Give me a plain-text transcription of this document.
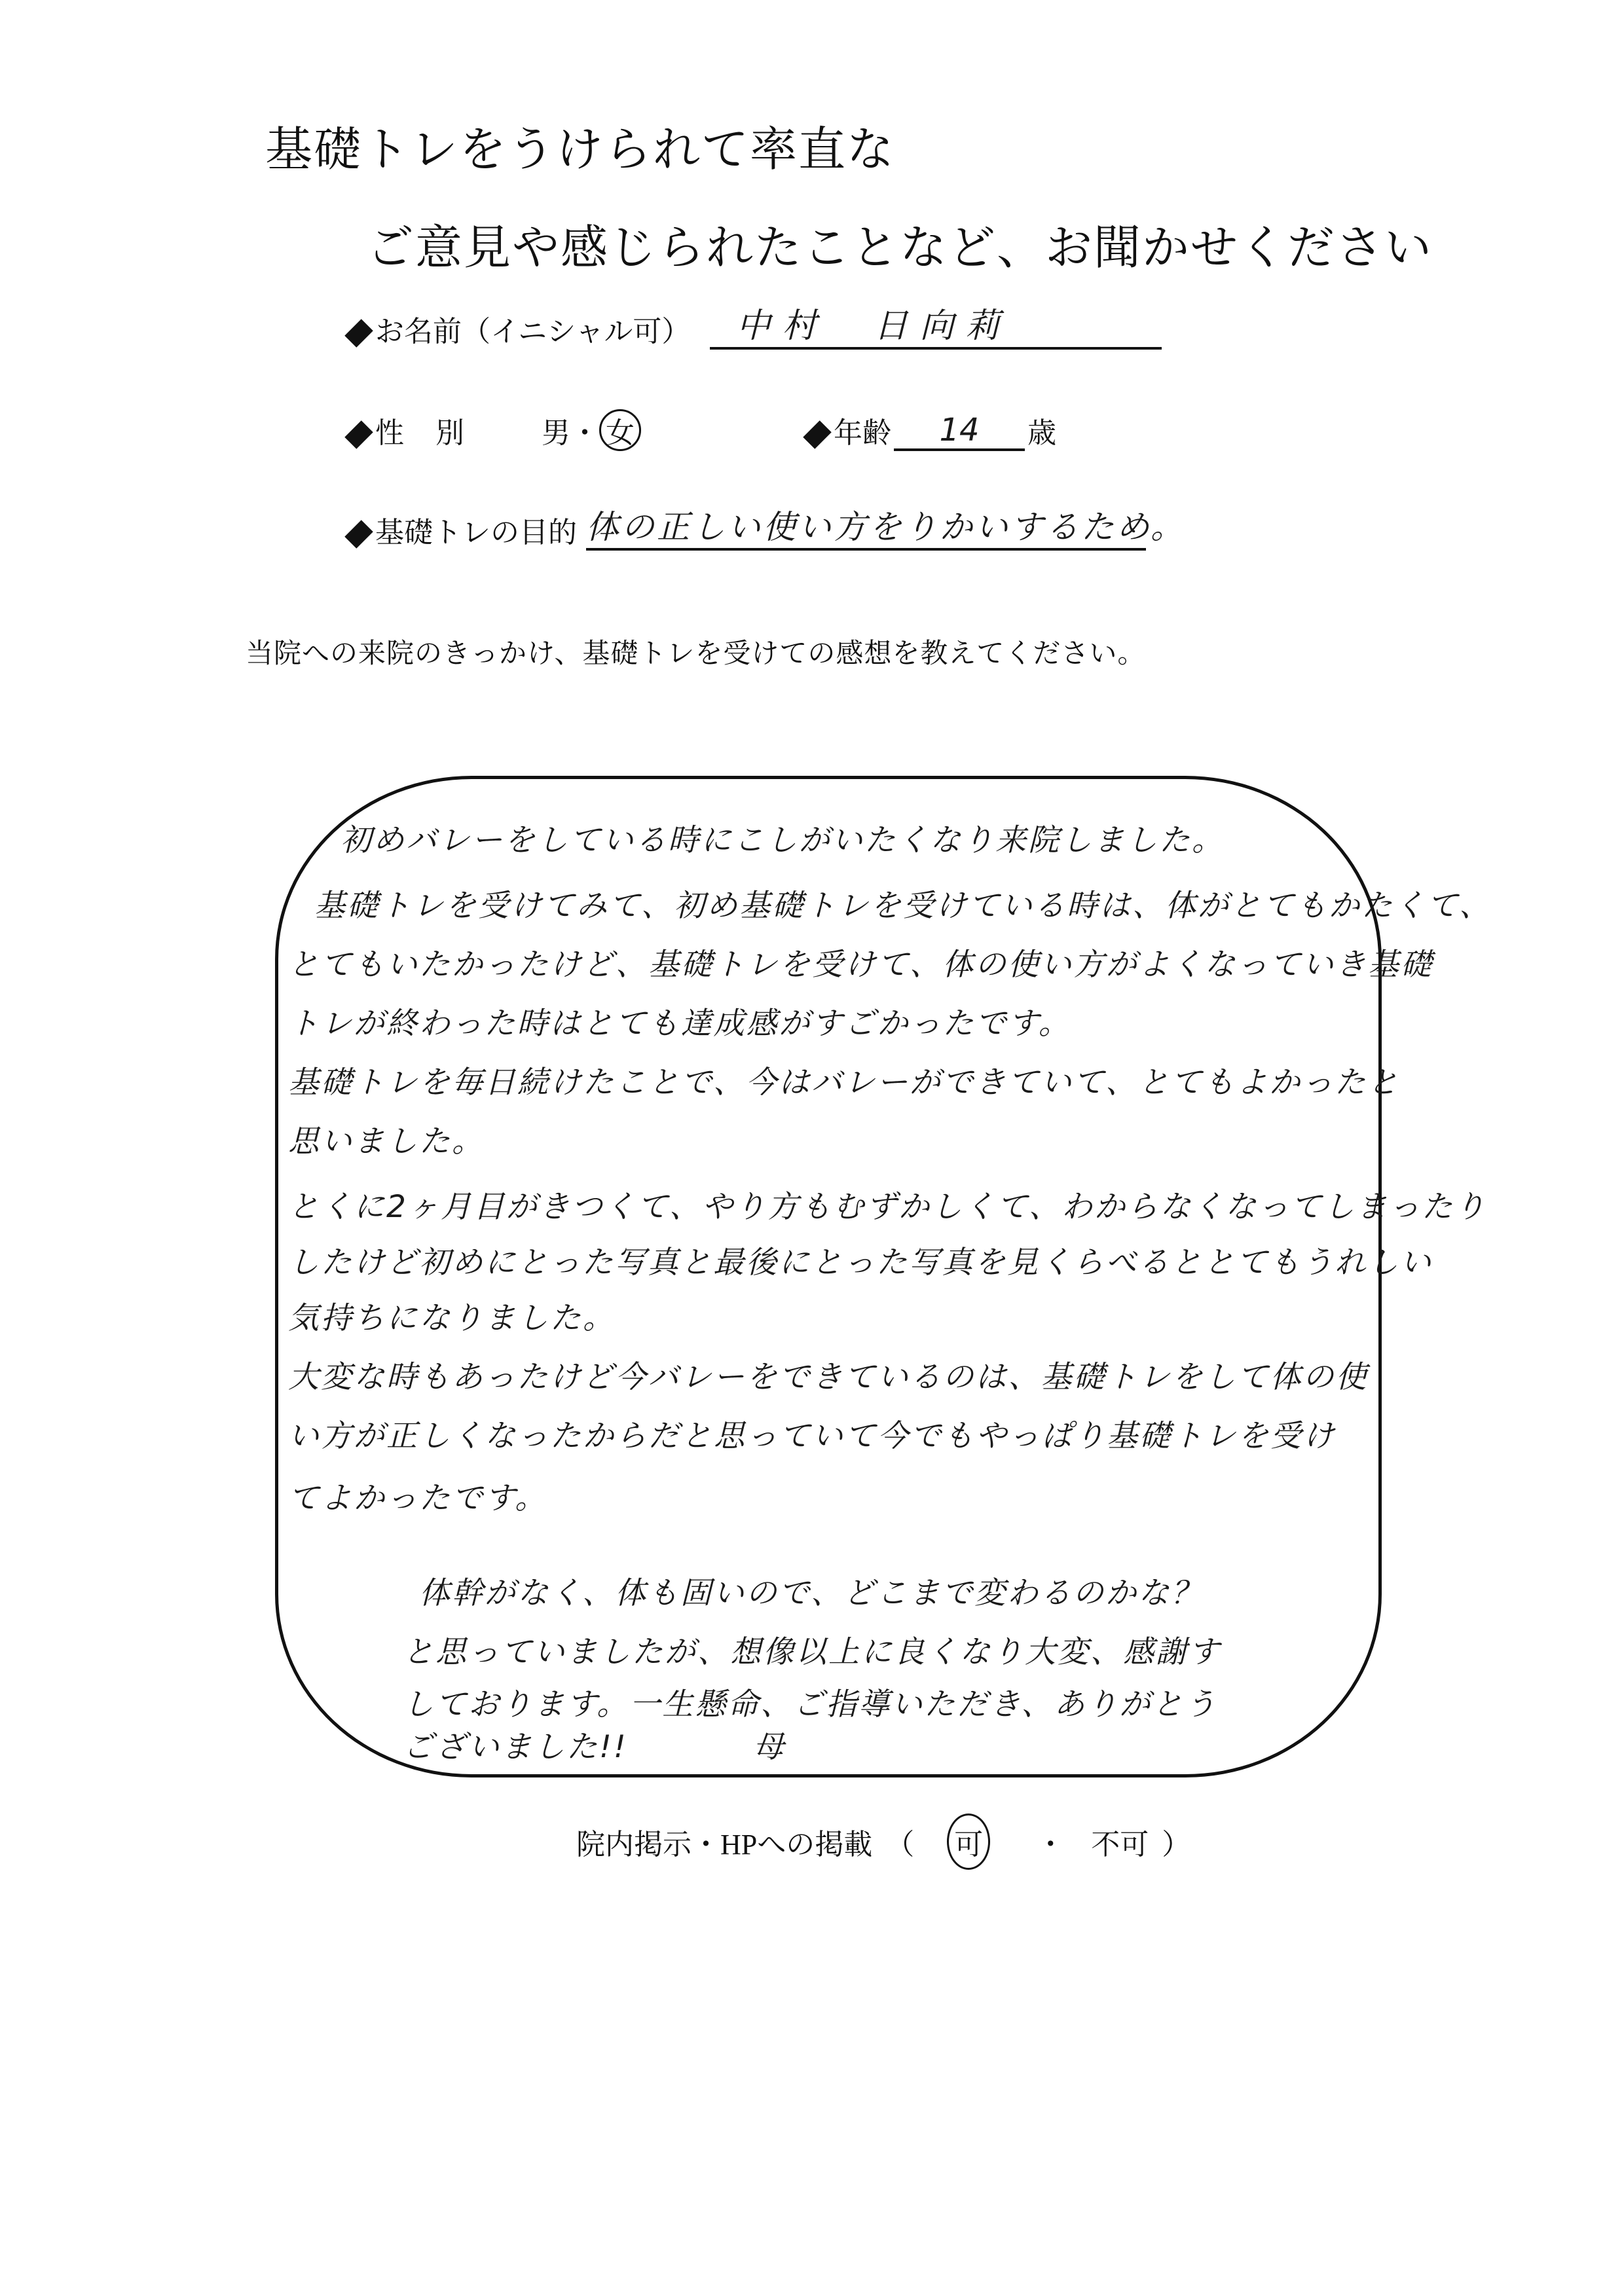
基礎トレをうけられて率直な
ご意見や感じられたことなど、お聞かせください
お名前（イニシャル可）	中村　日向莉
性別 男 ・ 女	年齢	14	歳
基礎トレの目的 体の正しい使い方をりかいするため。
当院への来院のきっかけ、基礎トレを受けての感想を教えてください。
初めバレーをしている時にこしがいたくなり来院しました。
基礎トレを受けてみて、初め基礎トレを受けている時は、体がとてもかたくて、
とてもいたかったけど、基礎トレを受けて、体の使い方がよくなっていき基礎
トレが終わった時はとても達成感がすごかったです。
基礎トレを毎日続けたことで、今はバレーができていて、とてもよかったと
思いました。
とくに2ヶ月目がきつくて、やり方もむずかしくて、わからなくなってしまったり
したけど初めにとった写真と最後にとった写真を見くらべるととてもうれしい
気持ちになりました。
大変な時もあったけど今バレーをできているのは、基礎トレをして体の使
い方が正しくなったからだと思っていて今でもやっぱり基礎トレを受け
てよかったです。
体幹がなく、体も固いので、どこまで変わるのかな？
と思っていましたが、想像以上に良くなり大変、感謝す
しております。一生懸命、ご指導いただき、ありがとう
ございました!!	母
院内掲示・HPへの掲載 （ 可 ・ 不可 ）
